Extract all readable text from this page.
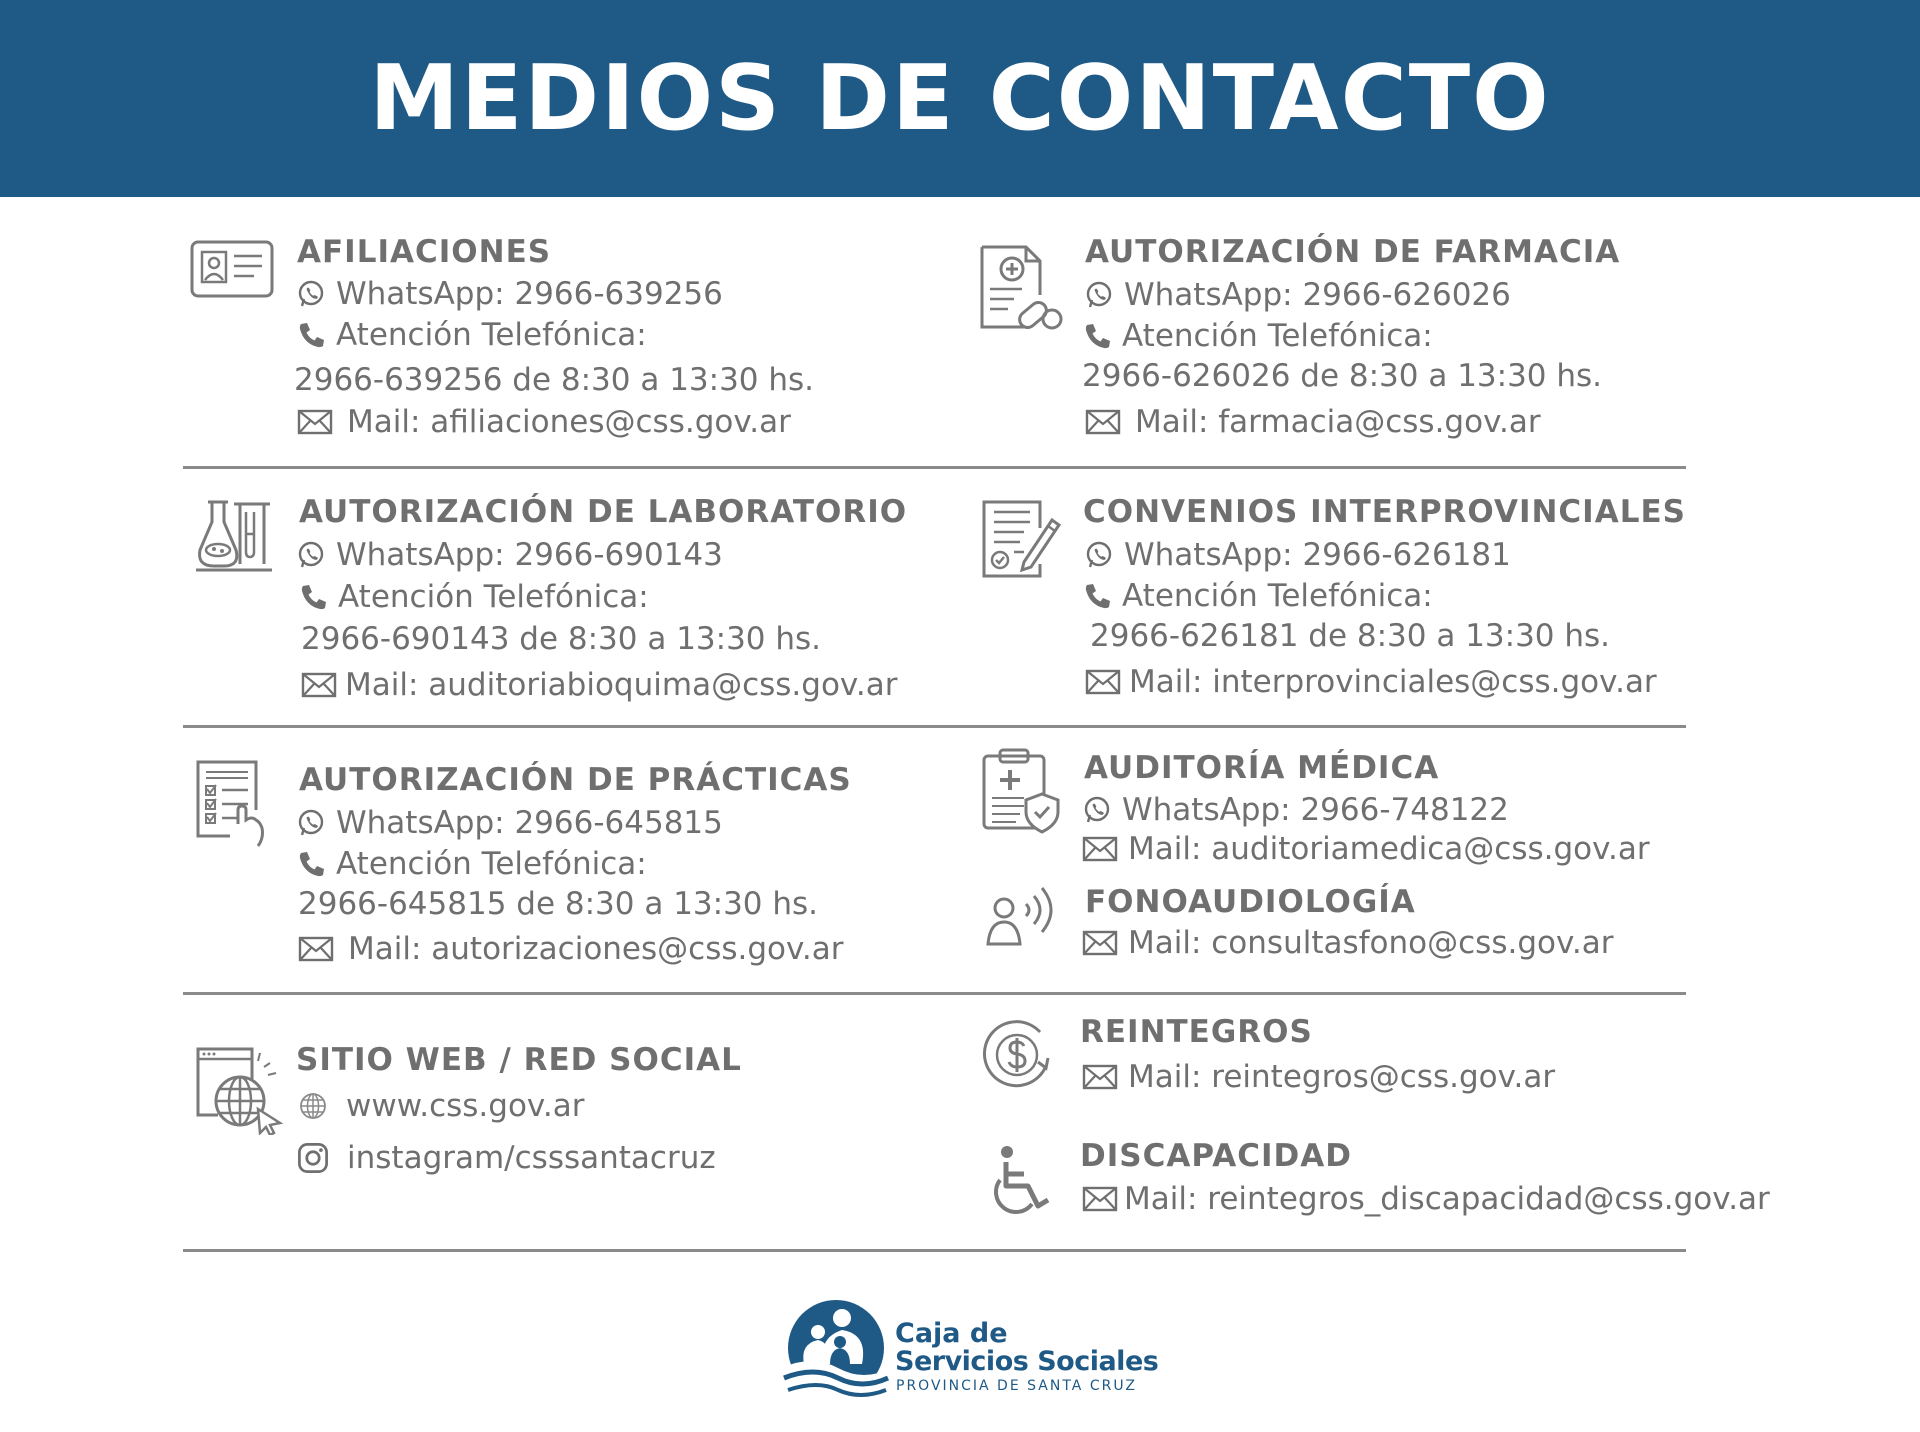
MEDIOS DE CONTACTO
AFILIACIONES
WhatsApp: 2966-639256
Atención Telefónica:
2966-639256 de 8:30 a 13:30 hs.
Mail: afiliaciones@css.gov.ar
AUTORIZACIÓN DE FARMACIA
WhatsApp: 2966-626026
Atención Telefónica:
2966-626026 de 8:30 a 13:30 hs.
Mail: farmacia@css.gov.ar
AUTORIZACIÓN DE LABORATORIO
WhatsApp: 2966-690143
Atención Telefónica:
2966-690143 de 8:30 a 13:30 hs.
Mail: auditoriabioquima@css.gov.ar
CONVENIOS INTERPROVINCIALES
WhatsApp: 2966-626181
Atención Telefónica:
2966-626181 de 8:30 a 13:30 hs.
Mail: interprovinciales@css.gov.ar
AUTORIZACIÓN DE PRÁCTICAS
WhatsApp: 2966-645815
Atención Telefónica:
2966-645815 de 8:30 a 13:30 hs.
Mail: autorizaciones@css.gov.ar
AUDITORÍA MÉDICA
WhatsApp: 2966-748122
Mail: auditoriamedica@css.gov.ar
FONOAUDIOLOGÍA
Mail: consultasfono@css.gov.ar
SITIO WEB / RED SOCIAL
www.css.gov.ar
instagram/csssantacruz
REINTEGROS
Mail: reintegros@css.gov.ar
DISCAPACIDAD
Mail: reintegros_discapacidad@css.gov.ar
Caja de
Servicios Sociales
PROVINCIA DE SANTA CRUZ
